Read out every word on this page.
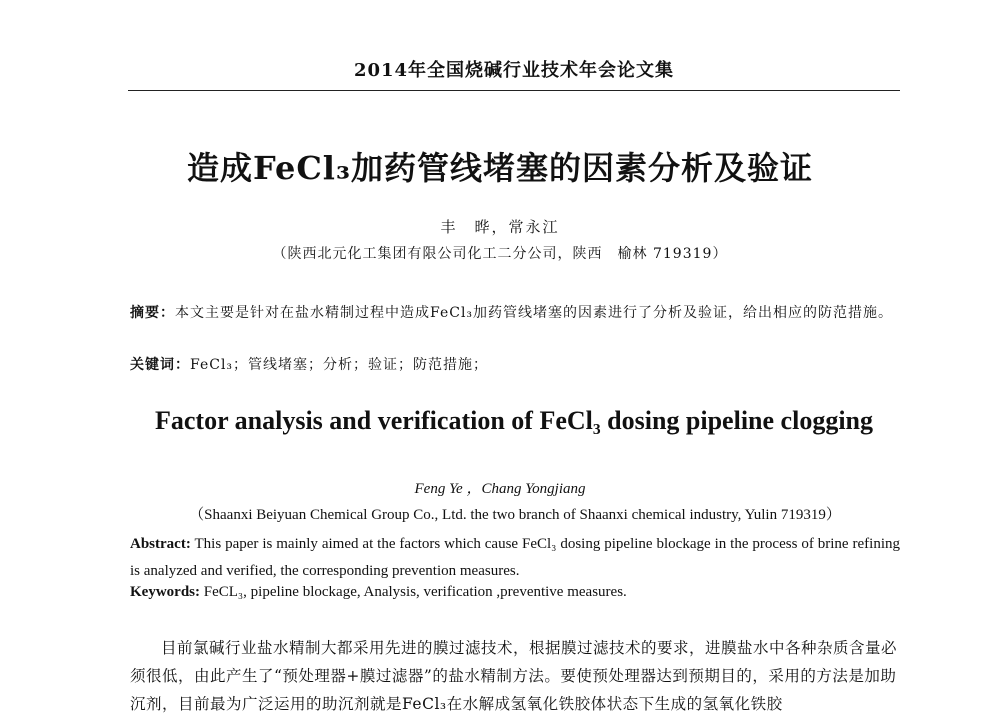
2014年全国烧碱行业技术年会论文集
造成FeCl₃加药管线堵塞的因素分析及验证
丰　晔，常永江
（陕西北元化工集团有限公司化工二分公司，陕西　榆林 719319）
摘要：本文主要是针对在盐水精制过程中造成FeCl₃加药管线堵塞的因素进行了分析及验证，给出相应的防范措施。
关键词：FeCl₃；管线堵塞；分析；验证；防范措施；
Factor analysis and verification of FeCl₃ dosing pipeline clogging
Feng Ye ，Chang Yongjiang
（Shaanxi Beiyuan Chemical Group Co., Ltd. the two branch of Shaanxi chemical industry, Yulin 719319）
Abstract: This paper is mainly aimed at the factors which cause FeCl₃ dosing pipeline blockage in the process of brine refining is analyzed and verified, the corresponding prevention measures.
Keywords: FeCL₃, pipeline blockage, Analysis, verification ,preventive measures.
目前氯碱行业盐水精制大都采用先进的膜过滤技术，根据膜过滤技术的要求，进膜盐水中各种杂质含量必须很低，由此产生了“预处理器+膜过滤器”的盐水精制方法。要使预处理器达到预期目的，采用的方法是加助沉剂，目前最为广泛运用的助沉剂就是FeCl₃在水解成氢氧化铁胶体状态下生成的氢氧化铁胶
